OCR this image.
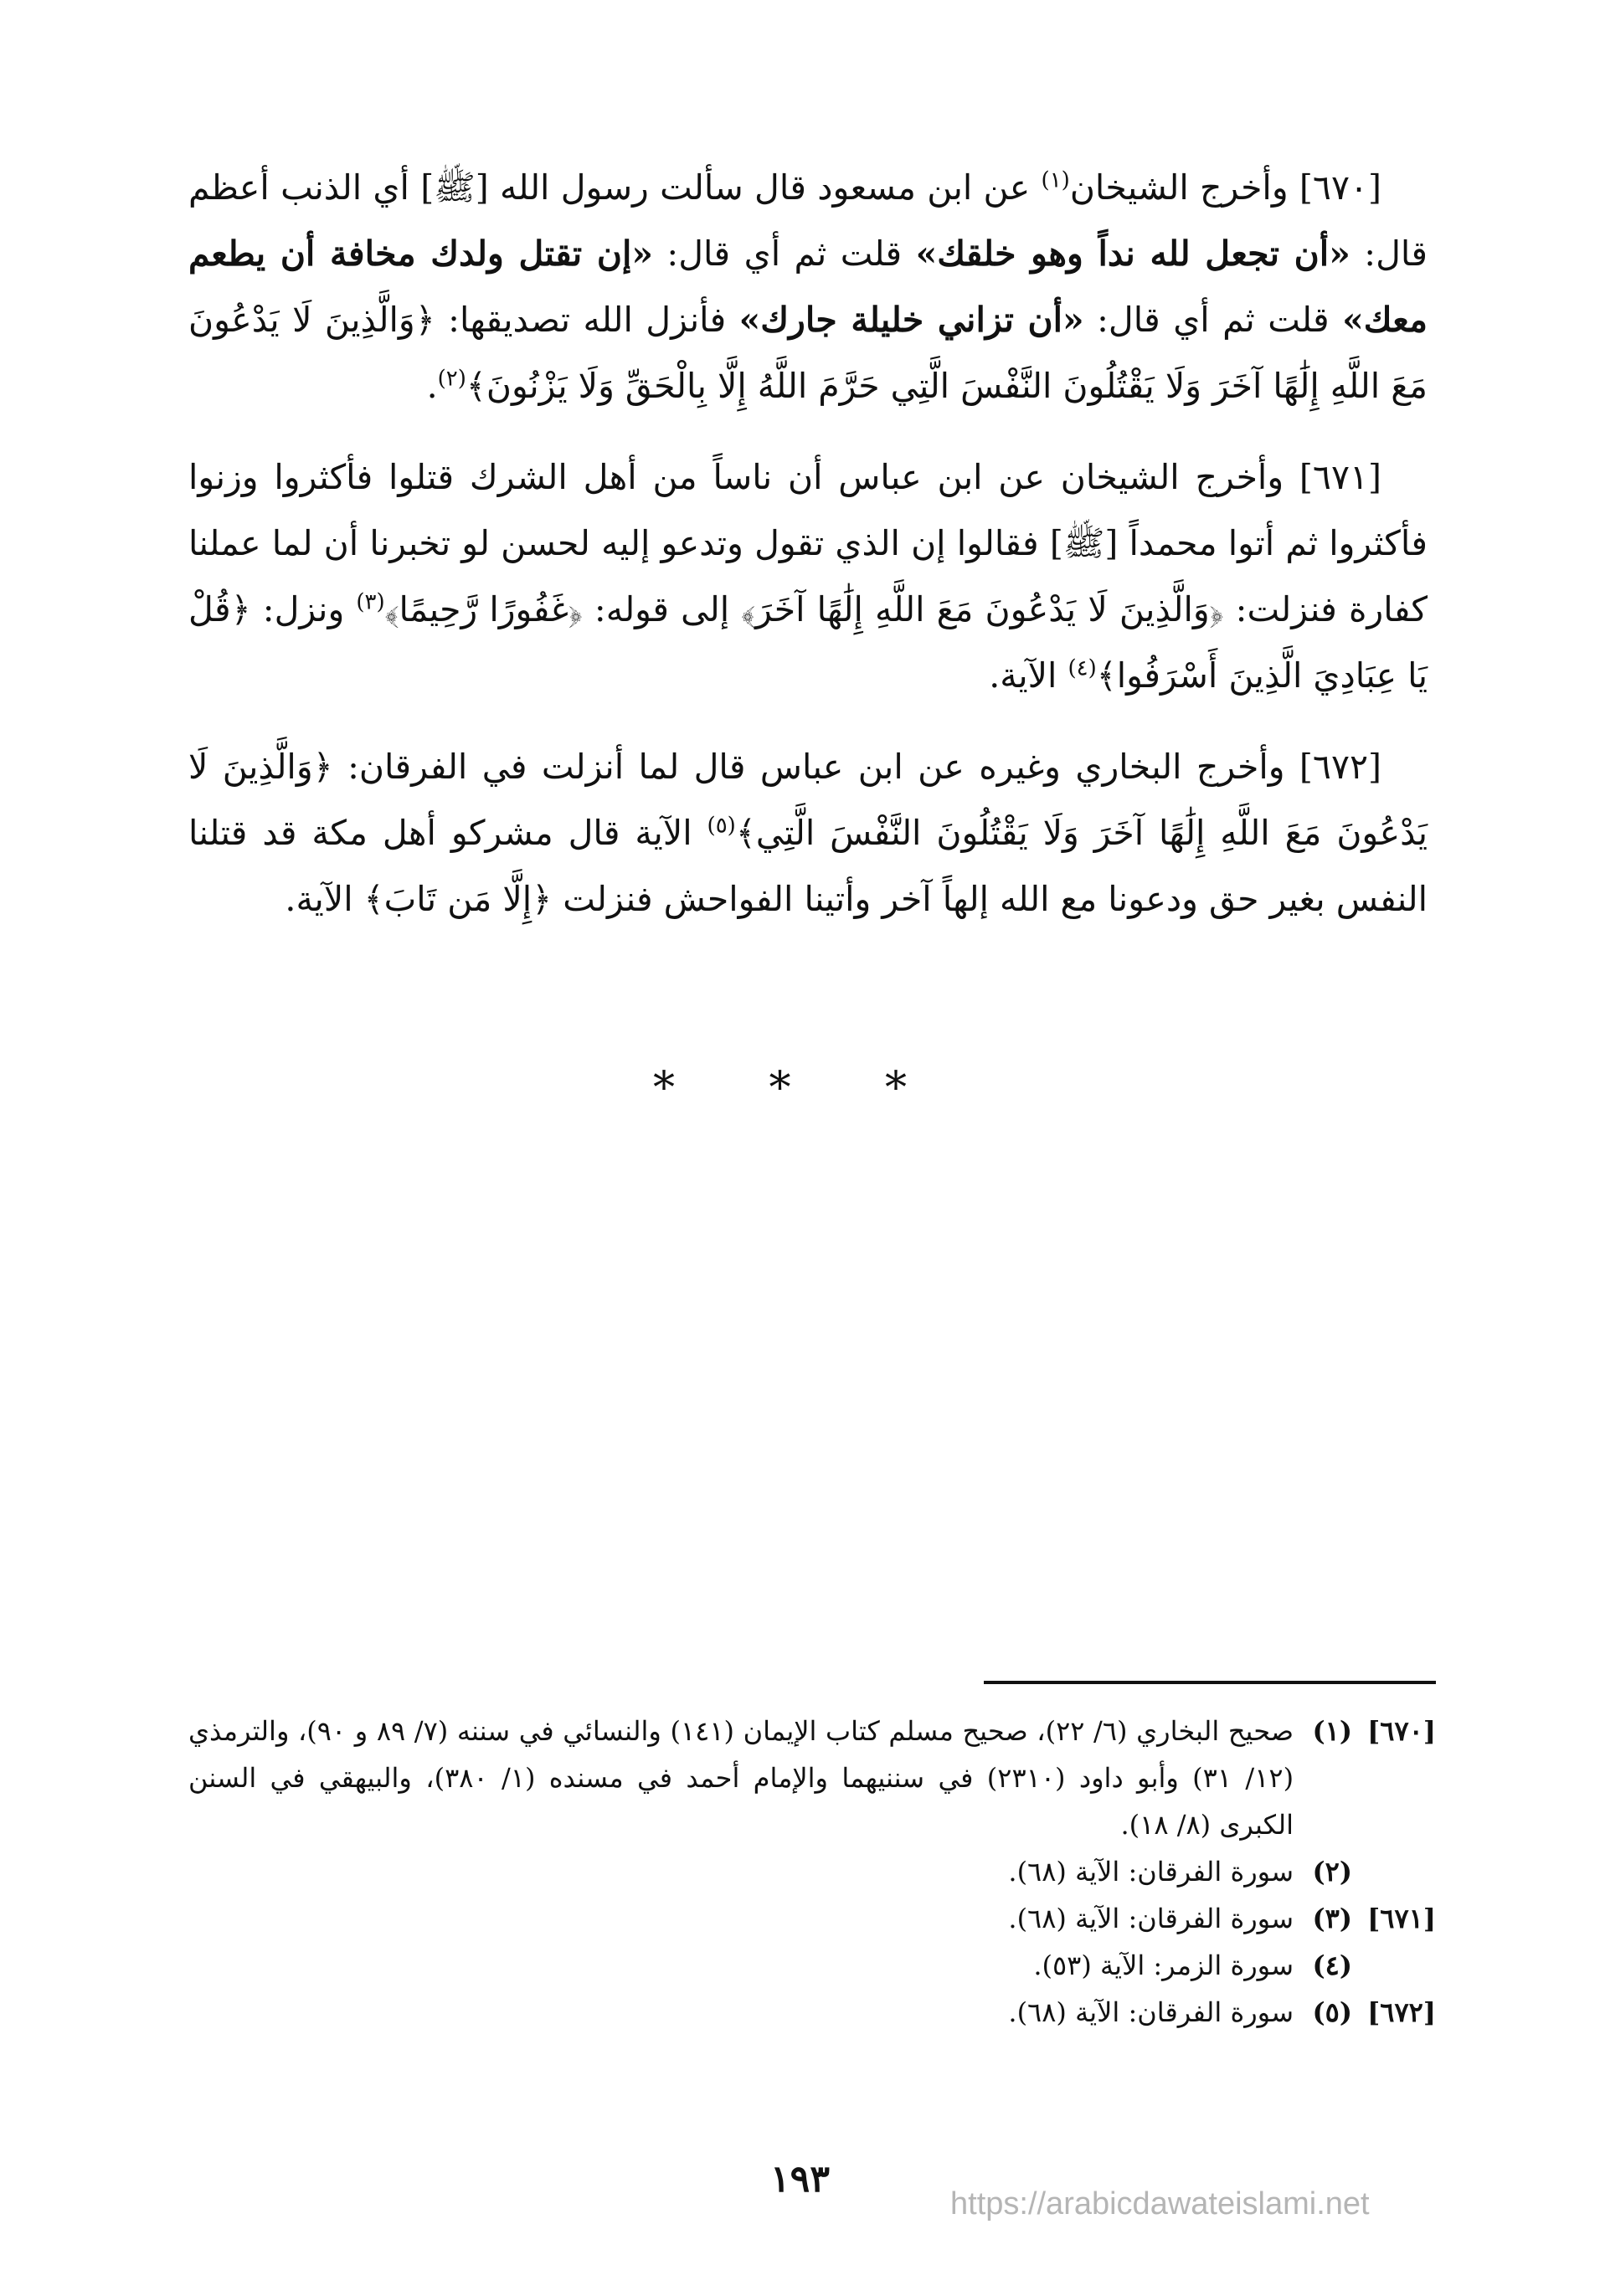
[٦٧٠] وأخرج الشيخان$^{(١)}$ عن ابن مسعود قال سألت رسول الله [ﷺ] أي الذنب أعظم قال: «أن تجعل لله نداً وهو خلقك» قلت ثم أي قال: «إن تقتل ولدك مخافة أن يطعم معك» قلت ثم أي قال: «أن تزاني خليلة جارك» فأنزل الله تصديقها: ﴿وَالَّذِينَ لَا يَدْعُونَ مَعَ اللَّهِ إِلَٰهًا آخَرَ وَلَا يَقْتُلُونَ النَّفْسَ الَّتِي حَرَّمَ اللَّهُ إِلَّا بِالْحَقِّ وَلَا يَزْنُونَ﴾$^{(٢)}$.

[٦٧١] وأخرج الشيخان عن ابن عباس أن ناساً من أهل الشرك قتلوا فأكثروا وزنوا فأكثروا ثم أتوا محمداً [ﷺ] فقالوا إن الذي تقول وتدعو إليه لحسن لو تخبرنا أن لما عملنا كفارة فنزلت: ﴿وَالَّذِينَ لَا يَدْعُونَ مَعَ اللَّهِ إِلَٰهًا آخَرَ﴾ إلى قوله: ﴿غَفُورًا رَّحِيمًا﴾$^{(٣)}$ ونزل: ﴿قُلْ يَا عِبَادِيَ الَّذِينَ أَسْرَفُوا﴾$^{(٤)}$ الآية.

[٦٧٢] وأخرج البخاري وغيره عن ابن عباس قال لما أنزلت في الفرقان: ﴿وَالَّذِينَ لَا يَدْعُونَ مَعَ اللَّهِ إِلَٰهًا آخَرَ وَلَا يَقْتُلُونَ النَّفْسَ الَّتِي﴾$^{(٥)}$ الآية قال مشركو أهل مكة قد قتلنا النفس بغير حق ودعونا مع الله إلهاً آخر وأتينا الفواحش فنزلت ﴿إِلَّا مَن تَابَ﴾ الآية.

* * *
[٦٧٠]
(١)
صحيح البخاري (٦/ ٢٢)، صحيح مسلم كتاب الإيمان (١٤١) والنسائي في سننه (٧/ ٨٩ و ٩٠)، والترمذي (١٢/ ٣١) وأبو داود (٢٣١٠) في سننيهما والإمام أحمد في مسنده (١/ ٣٨٠)، والبيهقي في السنن الكبرى (٨/ ١٨).
(٢)
سورة الفرقان: الآية (٦٨).
[٦٧١]
(٣)
سورة الفرقان: الآية (٦٨).
(٤)
سورة الزمر: الآية (٥٣).
[٦٧٢]
(٥)
سورة الفرقان: الآية (٦٨).
١٩٣
https://arabicdawateislami.net
